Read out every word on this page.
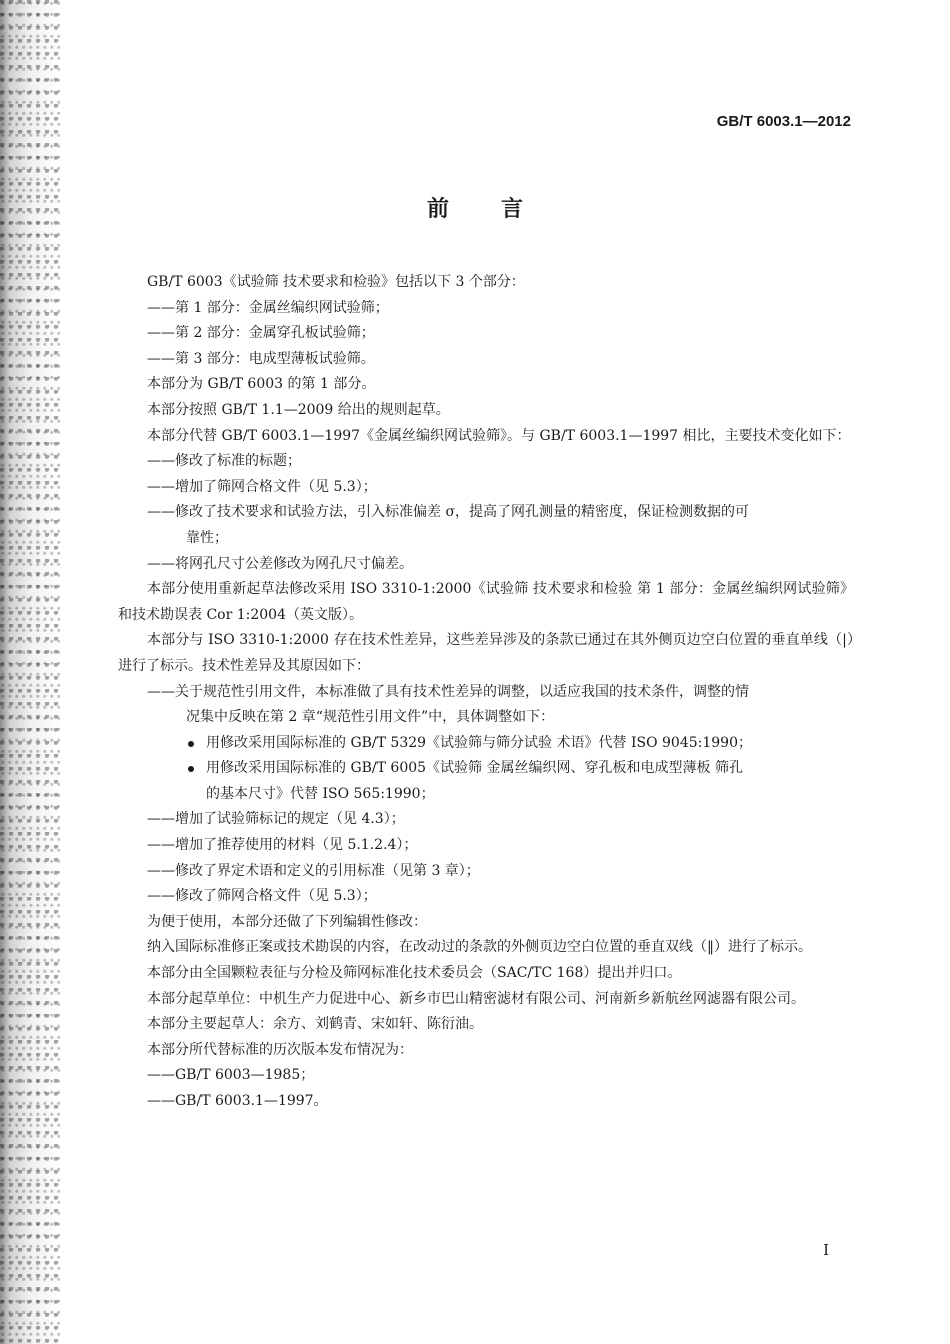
GB/T 6003.1—2012
前言
GB/T 6003《试验筛 技术要求和检验》包括以下 3 个部分：
——第 1 部分：金属丝编织网试验筛；
——第 2 部分：金属穿孔板试验筛；
——第 3 部分：电成型薄板试验筛。
本部分为 GB/T 6003 的第 1 部分。
本部分按照 GB/T 1.1—2009 给出的规则起草。
本部分代替 GB/T 6003.1—1997《金属丝编织网试验筛》。与 GB/T 6003.1—1997 相比，主要技术变化如下：
——修改了标准的标题；
——增加了筛网合格文件（见 5.3）；
——修改了技术要求和试验方法，引入标准偏差 σ，提高了网孔测量的精密度，保证检测数据的可
靠性；
——将网孔尺寸公差修改为网孔尺寸偏差。
本部分使用重新起草法修改采用 ISO 3310-1:2000《试验筛 技术要求和检验 第 1 部分：金属丝编织网试验筛》和技术勘误表 Cor 1:2004（英文版）。
本部分与 ISO 3310-1:2000 存在技术性差异，这些差异涉及的条款已通过在其外侧页边空白位置的垂直单线（|）进行了标示。技术性差异及其原因如下：
——关于规范性引用文件，本标准做了具有技术性差异的调整，以适应我国的技术条件，调整的情
况集中反映在第 2 章“规范性引用文件”中，具体调整如下：
用修改采用国际标准的 GB/T 5329《试验筛与筛分试验 术语》代替 ISO 9045:1990；
用修改采用国际标准的 GB/T 6005《试验筛 金属丝编织网、穿孔板和电成型薄板 筛孔
的基本尺寸》代替 ISO 565:1990；
——增加了试验筛标记的规定（见 4.3）；
——增加了推荐使用的材料（见 5.1.2.4）；
——修改了界定术语和定义的引用标准（见第 3 章）；
——修改了筛网合格文件（见 5.3）；
为便于使用，本部分还做了下列编辑性修改：
纳入国际标准修正案或技术勘误的内容，在改动过的条款的外侧页边空白位置的垂直双线（‖）进行了标示。
本部分由全国颗粒表征与分检及筛网标准化技术委员会（SAC/TC 168）提出并归口。
本部分起草单位：中机生产力促进中心、新乡市巴山精密滤材有限公司、河南新乡新航丝网滤器有限公司。
本部分主要起草人：余方、刘鹤青、宋如轩、陈衍油。
本部分所代替标准的历次版本发布情况为：
——GB/T 6003—1985；
——GB/T 6003.1—1997。
I
